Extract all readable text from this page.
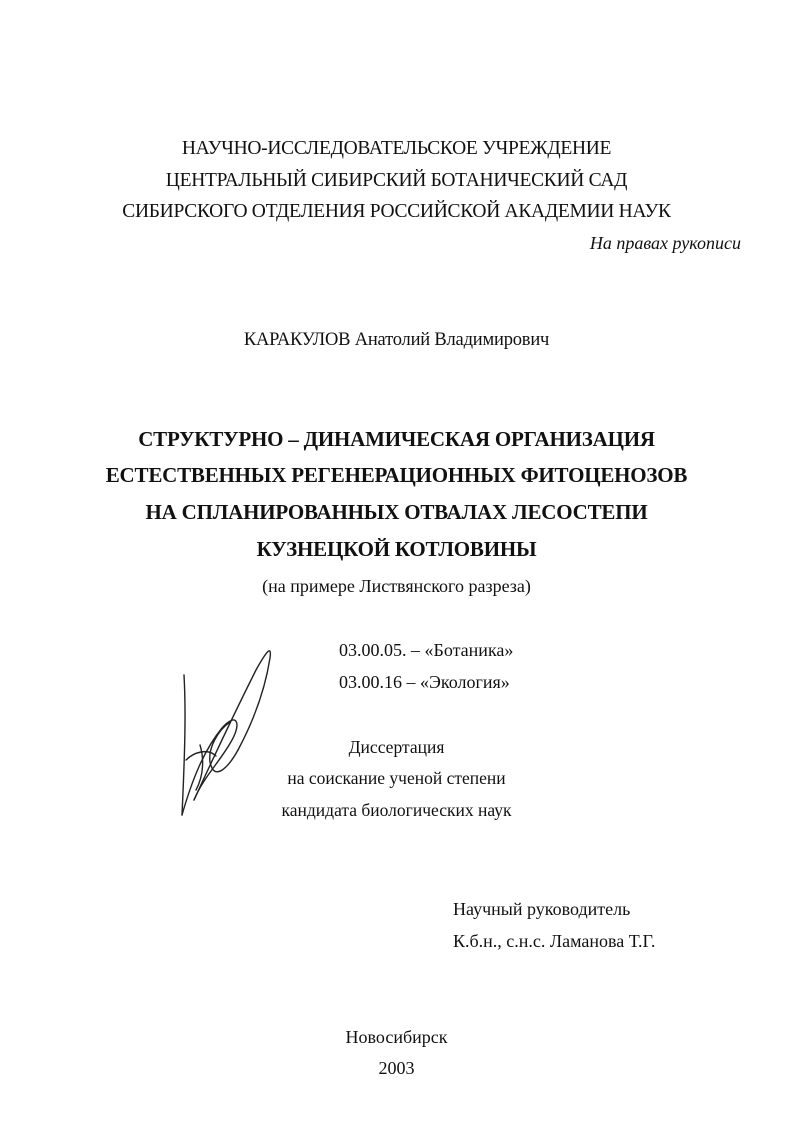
НАУЧНО-ИССЛЕДОВАТЕЛЬСКОЕ УЧРЕЖДЕНИЕ
ЦЕНТРАЛЬНЫЙ СИБИРСКИЙ БОТАНИЧЕСКИЙ САД
СИБИРСКОГО ОТДЕЛЕНИЯ РОССИЙСКОЙ АКАДЕМИИ НАУК
На правах рукописи
КАРАКУЛОВ Анатолий Владимирович
СТРУКТУРНО – ДИНАМИЧЕСКАЯ ОРГАНИЗАЦИЯ
ЕСТЕСТВЕННЫХ РЕГЕНЕРАЦИОННЫХ ФИТОЦЕНОЗОВ
НА СПЛАНИРОВАННЫХ ОТВАЛАХ ЛЕСОСТЕПИ
КУЗНЕЦКОЙ КОТЛОВИНЫ
(на примере Листвянского разреза)
03.00.05. – «Ботаника»
03.00.16 – «Экология»
Диссертация
на соискание ученой степени
кандидата биологических наук
Научный руководитель
К.б.н., с.н.с. Ламанова Т.Г.
Новосибирск
2003
